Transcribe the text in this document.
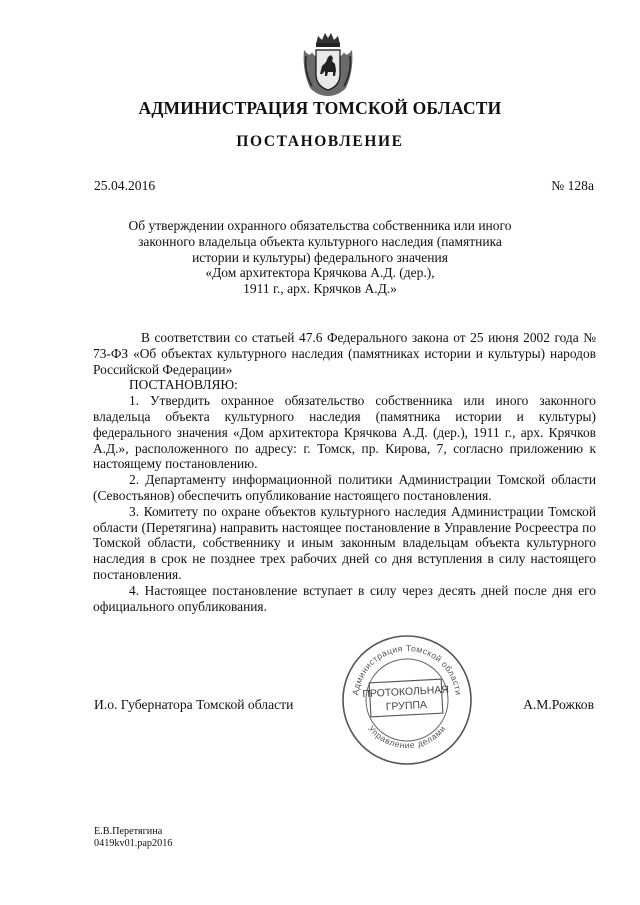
АДМИНИСТРАЦИЯ ТОМСКОЙ ОБЛАСТИ
ПОСТАНОВЛЕНИЕ
25.04.2016	№ 128а
Об утверждении охранного обязательства собственника или иного
законного владельца объекта культурного наследия (памятника
истории и культуры) федерального значения
«Дом архитектора Крячкова А.Д. (дер.),
1911 г., арх. Крячков А.Д.»

В соответствии со статьей 47.6 Федерального закона от 25 июня 2002 года № 73-ФЗ «Об объектах культурного наследия (памятниках истории и культуры) народов Российской Федерации»

ПОСТАНОВЛЯЮ:

1. Утвердить охранное обязательство собственника или иного законного владельца объекта культурного наследия (памятника истории и культуры) федерального значения «Дом архитектора Крячкова А.Д. (дер.), 1911 г., арх. Крячков А.Д.», расположенного по адресу: г. Томск, пр. Кирова, 7, согласно приложению к настоящему постановлению.

2. Департаменту информационной политики Администрации Томской области (Севостьянов) обеспечить опубликование настоящего постановления.

3. Комитету по охране объектов культурного наследия Администрации Томской области (Перетягина) направить настоящее постановление в Управление Росреестра по Томской области, собственнику и иным законным владельцам объекта культурного наследия в срок не позднее трех рабочих дней со дня вступления в силу настоящего постановления.

4. Настоящее постановление вступает в силу через десять дней после дня его официального опубликования.

Администрация Томской области
Управление делами
ПРОТОКОЛЬНАЯ
ГРУППА
И.о. Губернатора Томской области	А.М.Рожков
Е.В.Перетягина
0419kv01.pap2016
